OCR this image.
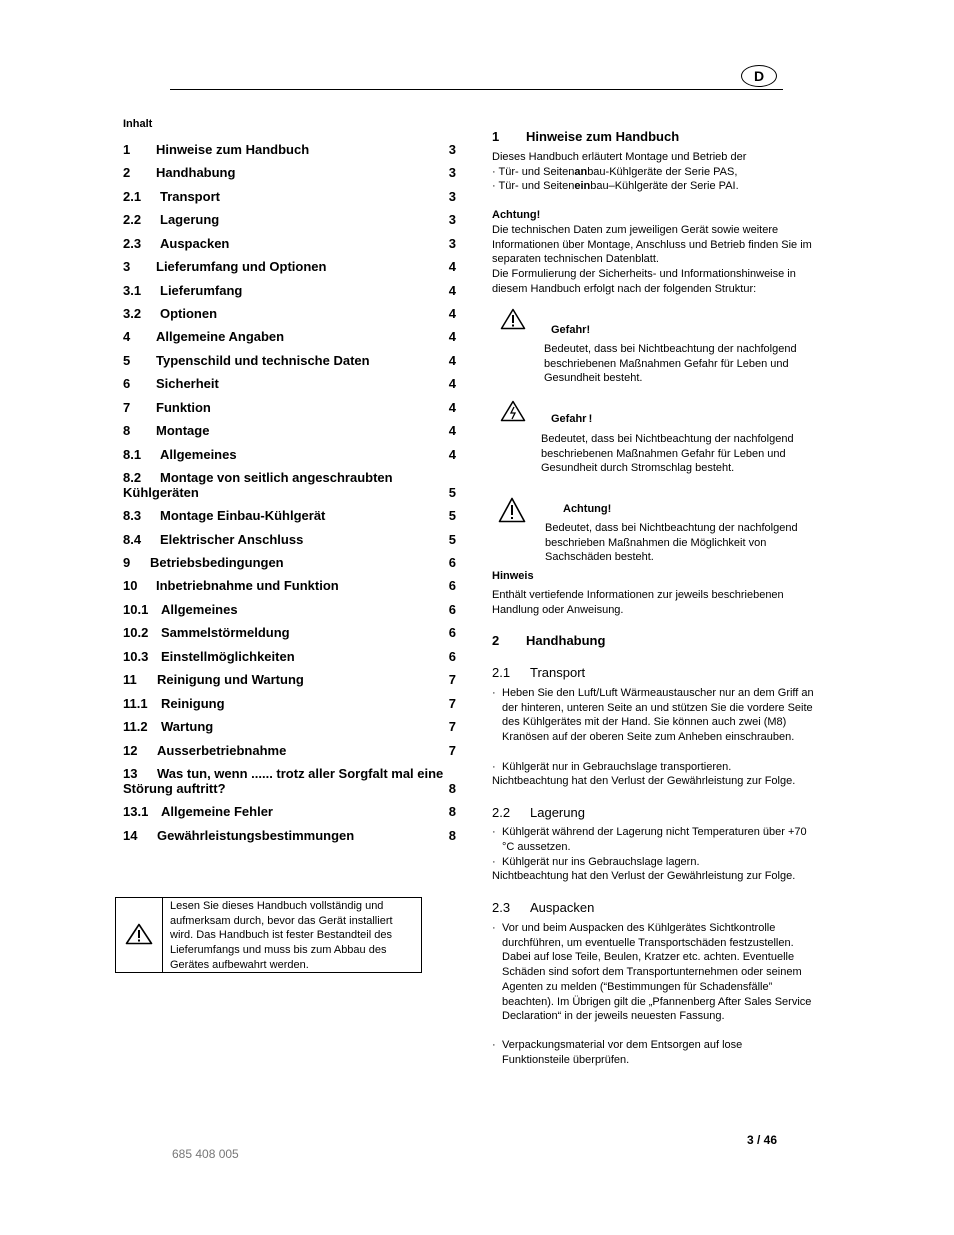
D
Inhalt
1 Hinweise zum Handbuch	3
2 Handhabung	3
2.1 Transport	3
2.2 Lagerung	3
2.3 Auspacken	3
3 Lieferumfang und Optionen	4
3.1 Lieferumfang	4
3.2 Optionen	4
4 Allgemeine Angaben	4
5 Typenschild und technische Daten	4
6 Sicherheit	4
7 Funktion	4
8 Montage	4
8.1 Allgemeines	4
8.2 Montage von seitlich angeschraubten Kühlgeräten	5
8.3 Montage Einbau-Kühlgerät	5
8.4 Elektrischer Anschluss	5
9 Betriebsbedingungen	6
10 Inbetriebnahme und Funktion	6
10.1 Allgemeines	6
10.2 Sammelstörmeldung	6
10.3 Einstellmöglichkeiten	6
11 Reinigung und Wartung	7
11.1 Reinigung	7
11.2 Wartung	7
12 Ausserbetriebnahme	7
13 Was tun, wenn ...... trotz aller Sorgfalt mal eine Störung auftritt?	8
13.1 Allgemeine Fehler	8
14 Gewährleistungsbestimmungen	8
Lesen Sie dieses Handbuch vollständig und aufmerksam durch, bevor das Gerät installiert wird. Das Handbuch ist fester Bestandteil des Lieferumfangs und muss bis zum Abbau des Gerätes aufbewahrt werden.
1 Hinweise zum Handbuch
Dieses Handbuch erläutert Montage und Betrieb der
· Tür- und Seitenanbau-Kühlgeräte der Serie PAS,
· Tür- und Seiteneinbau–Kühlgeräte der Serie PAI.
Achtung!
Die technischen Daten zum jeweiligen Gerät sowie weitere Informationen über Montage, Anschluss und Betrieb finden Sie im separaten technischen Datenblatt.
Die Formulierung der Sicherheits- und Informationshinweise in diesem Handbuch erfolgt nach der folgenden Struktur:
Gefahr!
Bedeutet, dass bei Nichtbeachtung der nachfolgend beschriebenen Maßnahmen Gefahr für Leben und Gesundheit besteht.
Gefahr !
Bedeutet, dass bei Nichtbeachtung der nachfolgend beschriebenen Maßnahmen Gefahr für Leben und Gesundheit durch Stromschlag besteht.
Achtung!
Bedeutet, dass bei Nichtbeachtung der nachfolgend beschrieben Maßnahmen die Möglichkeit von Sachschäden besteht.
Hinweis
Enthält vertiefende Informationen zur jeweils beschriebenen Handlung oder Anweisung.
2 Handhabung
2.1 Transport
· Heben Sie den Luft/Luft Wärmeaustauscher nur an dem Griff an der hinteren, unteren Seite an und stützen Sie die vordere Seite des Kühlgerätes mit der Hand. Sie können auch zwei (M8) Kranösen auf der oberen Seite zum Anheben einschrauben.
· Kühlgerät nur in Gebrauchslage transportieren.
Nichtbeachtung hat den Verlust der Gewährleistung zur Folge.
2.2 Lagerung
· Kühlgerät während der Lagerung nicht Temperaturen über +70 °C aussetzen.
· Kühlgerät nur ins Gebrauchslage lagern.
Nichtbeachtung hat den Verlust der Gewährleistung zur Folge.
2.3 Auspacken
· Vor und beim Auspacken des Kühlgerätes Sichtkontrolle durchführen, um eventuelle Transportschäden festzustellen. Dabei auf lose Teile, Beulen, Kratzer etc. achten. Eventuelle Schäden sind sofort dem Transportunternehmen oder seinem Agenten zu melden (“Bestimmungen für Schadensfälle” beachten). Im Übrigen gilt die „Pfannenberg After Sales Service Declaration“ in der jeweils neuesten Fassung.
· Verpackungsmaterial vor dem Entsorgen auf lose Funktionsteile überprüfen.
3 / 46
685 408 005
